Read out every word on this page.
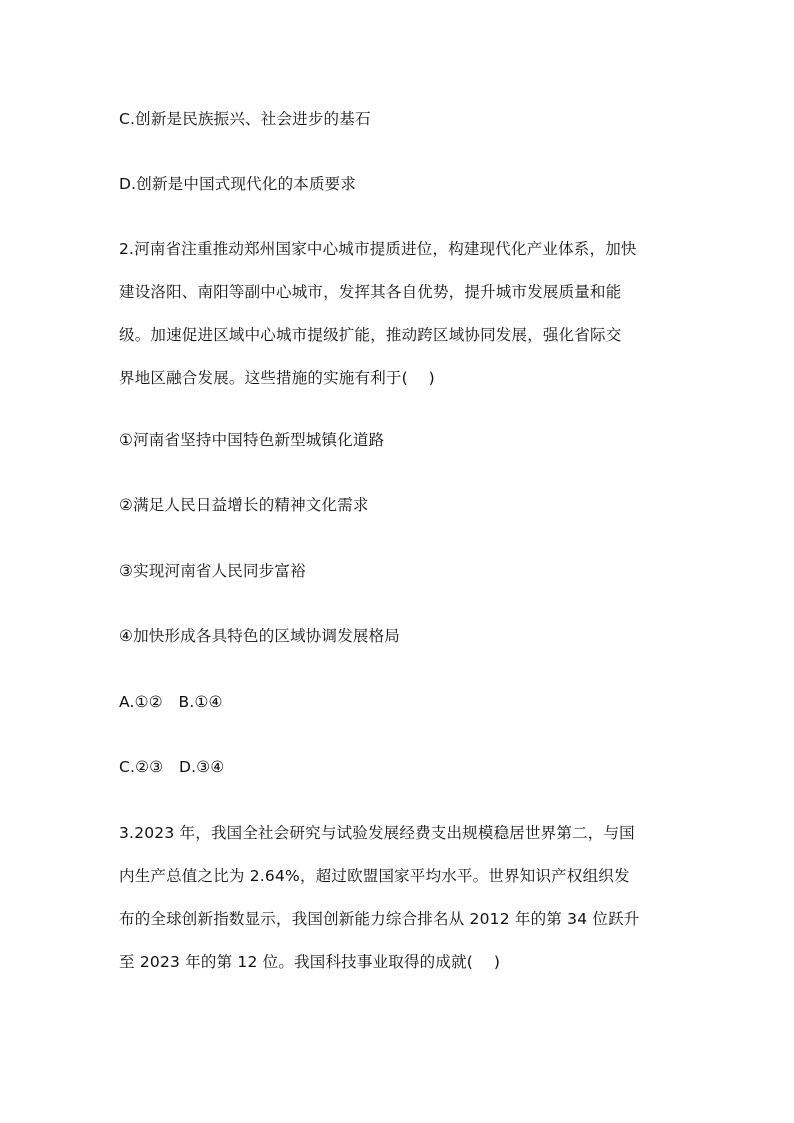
C.创新是民族振兴、社会进步的基石
D.创新是中国式现代化的本质要求
2.河南省注重推动郑州国家中心城市提质进位，构建现代化产业体系，加快
建设洛阳、南阳等副中心城市，发挥其各自优势，提升城市发展质量和能
级。加速促进区域中心城市提级扩能，推动跨区域协同发展，强化省际交
界地区融合发展。这些措施的实施有利于(　 )
①河南省坚持中国特色新型城镇化道路
②满足人民日益增长的精神文化需求
③实现河南省人民同步富裕
④加快形成各具特色的区域协调发展格局
A.①②　B.①④
C.②③　D.③④
3.2023 年，我国全社会研究与试验发展经费支出规模稳居世界第二，与国
内生产总值之比为 2.64%，超过欧盟国家平均水平。世界知识产权组织发
布的全球创新指数显示，我国创新能力综合排名从 2012 年的第 34 位跃升
至 2023 年的第 12 位。我国科技事业取得的成就(　 )
